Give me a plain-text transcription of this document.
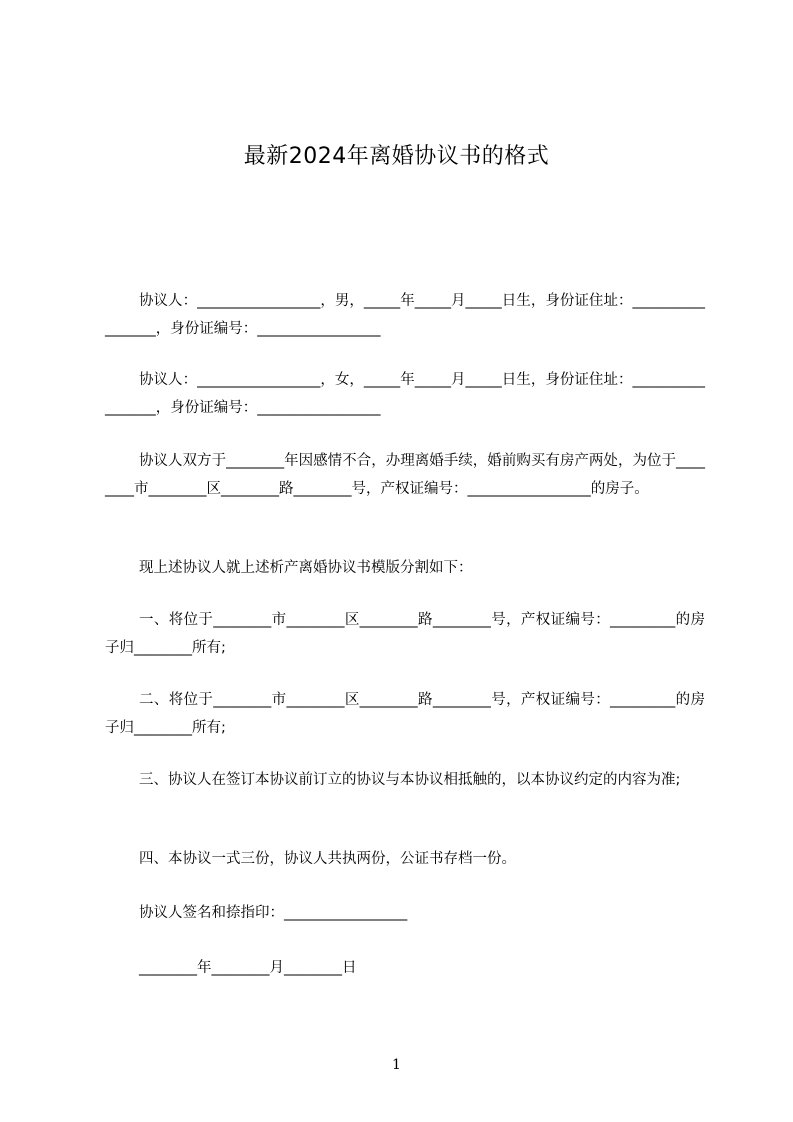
最新2024年离婚协议书的格式
协议人：_________________，男，_____年_____月_____日生，身份证住址：_________________，身份证编号：_________________
协议人：_________________，女，_____年_____月_____日生，身份证住址：_________________，身份证编号：_________________
协议人双方于________年因感情不合，办理离婚手续，婚前购买有房产两处，为位于________市________区________路________号，产权证编号：_________________的房子。
现上述协议人就上述析产离婚协议书模版分割如下：
一、将位于________市________区________路________号，产权证编号：_________的房子归________所有;
二、将位于________市________区________路________号，产权证编号：_________的房子归________所有;
三、协议人在签订本协议前订立的协议与本协议相抵触的，以本协议约定的内容为准;
四、本协议一式三份，协议人共执两份，公证书存档一份。
协议人签名和捺指印：_________________
________年________月________日
1
